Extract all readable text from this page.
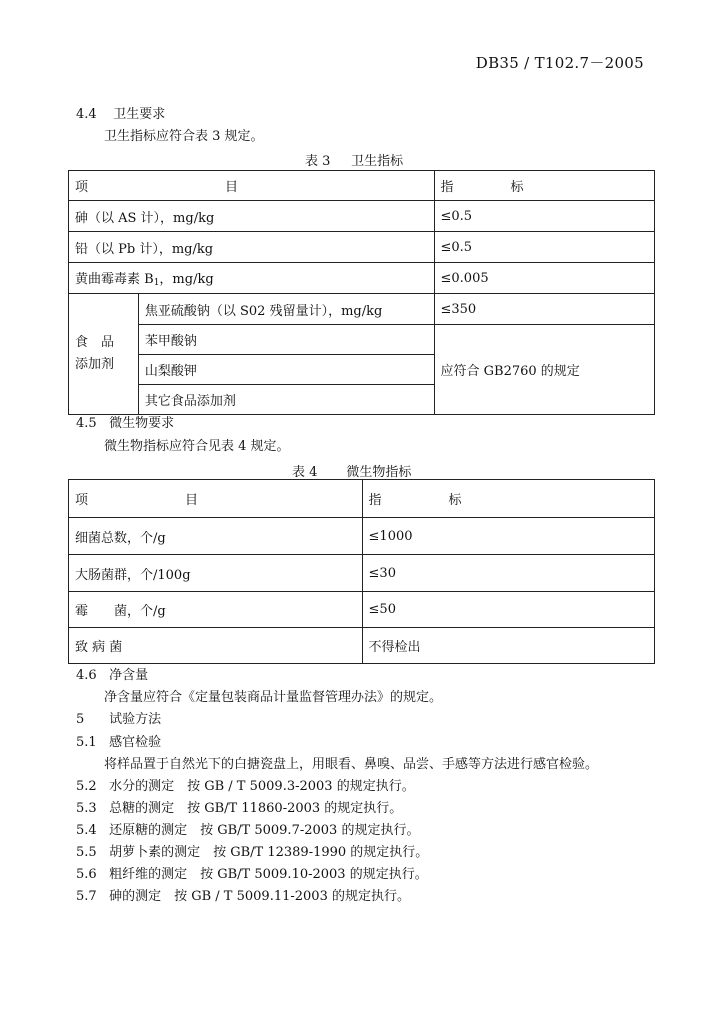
DB35 / T102.7－2005
4.4 卫生要求
卫生指标应符合表 3 规定。
表 3 卫生指标
项 目		指 标
砷（以 AS 计），mg/kg		≤0.5
铅（以 Pb 计），mg/kg		≤0.5
黄曲霉毒素 $B_1$，mg/kg		≤0.005

食　品
添加剂	焦亚硫酸钠（以 S02 残留量计），mg/kg	≤350
	苯甲酸钠	应符合 GB2760 的规定
	山梨酸钾	
	其它食品添加剂	
4.5 微生物要求
微生物指标应符合见表 4 规定。
表 4 微生物指标
项 目	指 标
细菌总数，个/g	≤1000
大肠菌群，个/100g	≤30
霉　　菌，个/g	≤50
致 病 菌	不得检出
4.6 净含量
净含量应符合《定量包装商品计量监督管理办法》的规定。
5 试验方法
5.1 感官检验
将样品置于自然光下的白搪瓷盘上，用眼看、鼻嗅、品尝、手感等方法进行感官检验。
5.2 水分的测定　按 GB / T 5009.3-2003 的规定执行。
5.3 总糖的测定　按 GB/T 11860-2003 的规定执行。
5.4 还原糖的测定　按 GB/T 5009.7-2003 的规定执行。
5.5 胡萝卜素的测定　按 GB/T 12389-1990 的规定执行。
5.6 粗纤维的测定　按 GB/T 5009.10-2003 的规定执行。
5.7 砷的测定　按 GB / T 5009.11-2003 的规定执行。
